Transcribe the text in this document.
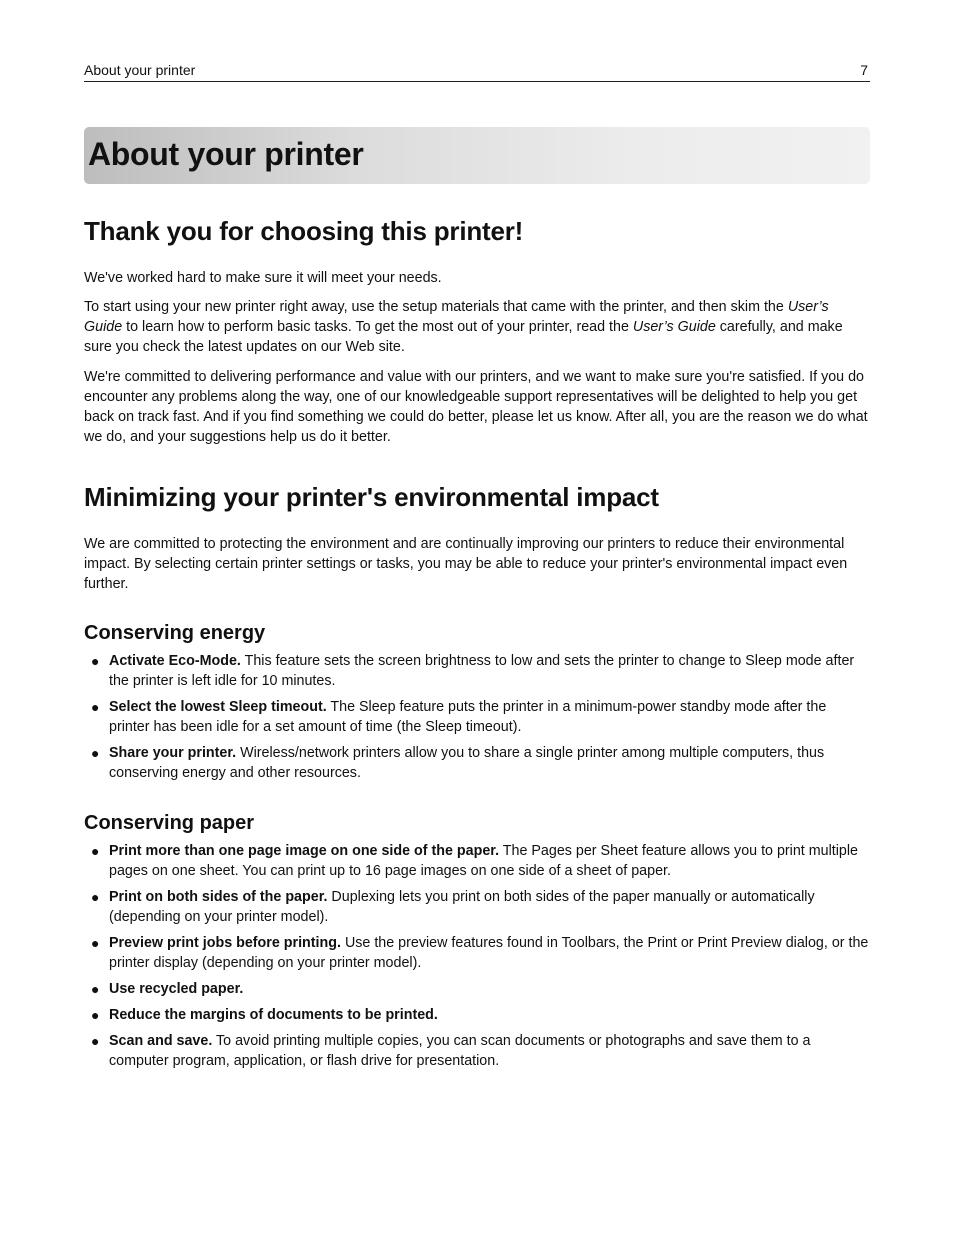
About your printer	7
About your printer
Thank you for choosing this printer!

We've worked hard to make sure it will meet your needs.

To start using your new printer right away, use the setup materials that came with the printer, and then skim the User’s Guide to learn how to perform basic tasks. To get the most out of your printer, read the User’s Guide carefully, and make sure you check the latest updates on our Web site.

We're committed to delivering performance and value with our printers, and we want to make sure you're satisfied. If you do encounter any problems along the way, one of our knowledgeable support representatives will be delighted to help you get back on track fast. And if you find something we could do better, please let us know. After all, you are the reason we do what we do, and your suggestions help us do it better.

Minimizing your printer's environmental impact

We are committed to protecting the environment and are continually improving our printers to reduce their environmental impact. By selecting certain printer settings or tasks, you may be able to reduce your printer's environmental impact even further.

Conserving energy
● Activate Eco‑Mode. This feature sets the screen brightness to low and sets the printer to change to Sleep mode after the printer is left idle for 10 minutes.
● Select the lowest Sleep timeout. The Sleep feature puts the printer in a minimum‑power standby mode after the printer has been idle for a set amount of time (the Sleep timeout).
● Share your printer. Wireless/network printers allow you to share a single printer among multiple computers, thus conserving energy and other resources.
Conserving paper
● Print more than one page image on one side of the paper. The Pages per Sheet feature allows you to print multiple pages on one sheet. You can print up to 16 page images on one side of a sheet of paper.
● Print on both sides of the paper. Duplexing lets you print on both sides of the paper manually or automatically (depending on your printer model).
● Preview print jobs before printing. Use the preview features found in Toolbars, the Print or Print Preview dialog, or the printer display (depending on your printer model).
● Use recycled paper.
● Reduce the margins of documents to be printed.
● Scan and save. To avoid printing multiple copies, you can scan documents or photographs and save them to a computer program, application, or flash drive for presentation.
